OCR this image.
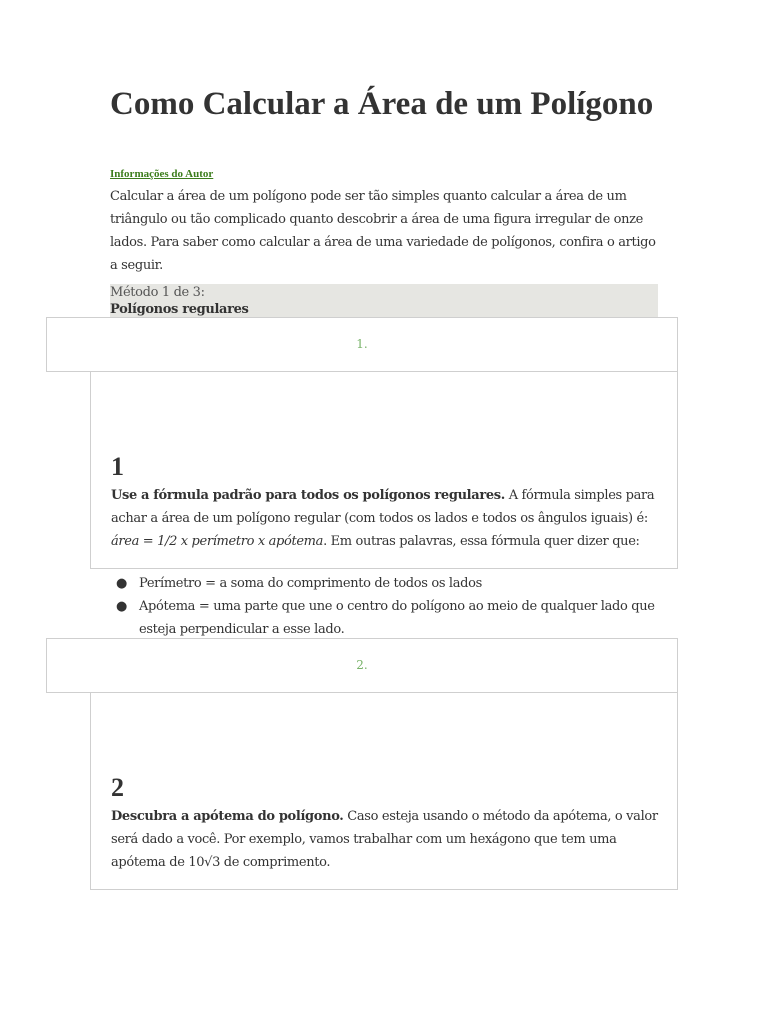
Como Calcular a Área de um Polígono
Informações do Autor

Calcular a área de um polígono pode ser tão simples quanto calcular a área de um triângulo ou tão complicado quanto descobrir a área de uma figura irregular de onze lados. Para saber como calcular a área de uma variedade de polígonos, confira o artigo a seguir.

Método 1 de 3:
Polígonos regulares
1.
1

Use a fórmula padrão para todos os polígonos regulares. A fórmula simples para achar a área de um polígono regular (com todos os lados e todos os ângulos iguais) é: área = 1/2 x perímetro x apótema. Em outras palavras, essa fórmula quer dizer que:

● Perímetro = a soma do comprimento de todos os lados
● Apótema = uma parte que une o centro do polígono ao meio de qualquer lado que esteja perpendicular a esse lado.
2.
2

Descubra a apótema do polígono. Caso esteja usando o método da apótema, o valor será dado a você. Por exemplo, vamos trabalhar com um hexágono que tem uma apótema de 10√3 de comprimento.
